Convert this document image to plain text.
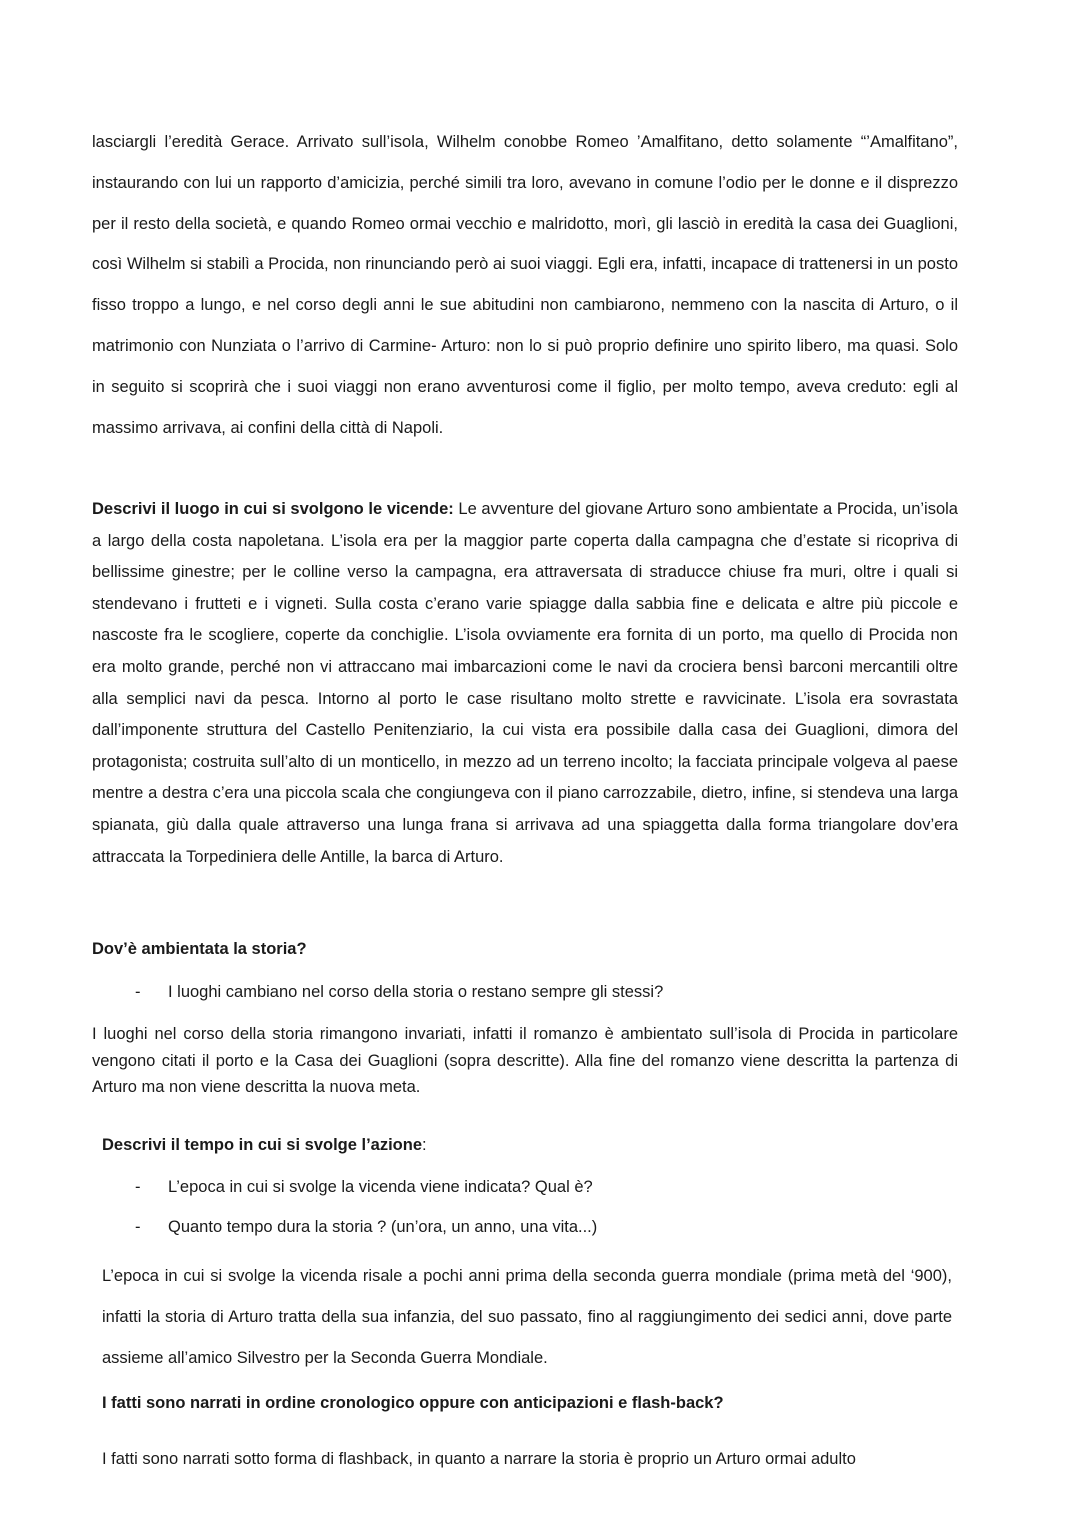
lasciargli l’eredità Gerace. Arrivato sull’isola, Wilhelm conobbe Romeo ’Amalfitano, detto solamente “’Amalfitano”, instaurando con lui un rapporto d’amicizia, perché simili tra loro, avevano in comune l’odio per le donne e il disprezzo per il resto della società, e quando Romeo ormai vecchio e malridotto, morì, gli lasciò in eredità la casa dei Guaglioni, così Wilhelm si stabilì a Procida, non rinunciando però ai suoi viaggi. Egli era, infatti, incapace di trattenersi in un posto fisso troppo a lungo, e nel corso degli anni le sue abitudini non cambiarono, nemmeno con la nascita di Arturo, o il matrimonio con Nunziata o l’arrivo di Carmine- Arturo: non lo si può proprio definire uno spirito libero, ma quasi. Solo in seguito si scoprirà che i suoi viaggi non erano avventurosi come il figlio, per molto tempo, aveva creduto: egli al massimo arrivava, ai confini della città di Napoli.

Descrivi il luogo in cui si svolgono le vicende: Le avventure del giovane Arturo sono ambientate a Procida, un’isola a largo della costa napoletana. L’isola era per la maggior parte coperta dalla campagna che d’estate si ricopriva di bellissime ginestre; per le colline verso la campagna, era attraversata di straducce chiuse fra muri, oltre i quali si stendevano i frutteti e i vigneti. Sulla costa c’erano varie spiagge dalla sabbia fine e delicata e altre più piccole e nascoste fra le scogliere, coperte da conchiglie. L’isola ovviamente era fornita di un porto, ma quello di Procida non era molto grande, perché non vi attraccano mai imbarcazioni come le navi da crociera bensì barconi mercantili oltre alla semplici navi da pesca. Intorno al porto le case risultano molto strette e ravvicinate. L’isola era sovrastata dall’imponente struttura del Castello Penitenziario, la cui vista era possibile dalla casa dei Guaglioni, dimora del protagonista; costruita sull’alto di un monticello, in mezzo ad un terreno incolto; la facciata principale volgeva al paese mentre a destra c’era una piccola scala che congiungeva con il piano carrozzabile, dietro, infine, si stendeva una larga spianata, giù dalla quale attraverso una lunga frana si arrivava ad una spiaggetta dalla forma triangolare dov’era attraccata la Torpediniera delle Antille, la barca di Arturo.

Dov’è ambientata la storia?

- I luoghi cambiano nel corso della storia o restano sempre gli stessi?

I luoghi nel corso della storia rimangono invariati, infatti il romanzo è ambientato sull’isola di Procida in particolare vengono citati il porto e la Casa dei Guaglioni (sopra descritte). Alla fine del romanzo viene descritta la partenza di Arturo ma non viene descritta la nuova meta.

Descrivi il tempo in cui si svolge l’azione:

- L’epoca in cui si svolge la vicenda viene indicata? Qual è?
- Quanto tempo dura la storia ? (un’ora, un anno, una vita...)

L’epoca in cui si svolge la vicenda risale a pochi anni prima della seconda guerra mondiale (prima metà del ‘900), infatti la storia di Arturo tratta della sua infanzia, del suo passato, fino al raggiungimento dei sedici anni, dove parte assieme all’amico Silvestro per la Seconda Guerra Mondiale.

I fatti sono narrati in ordine cronologico oppure con anticipazioni e flash-back?

I fatti sono narrati sotto forma di flashback, in quanto a narrare la storia è proprio un Arturo ormai adulto
